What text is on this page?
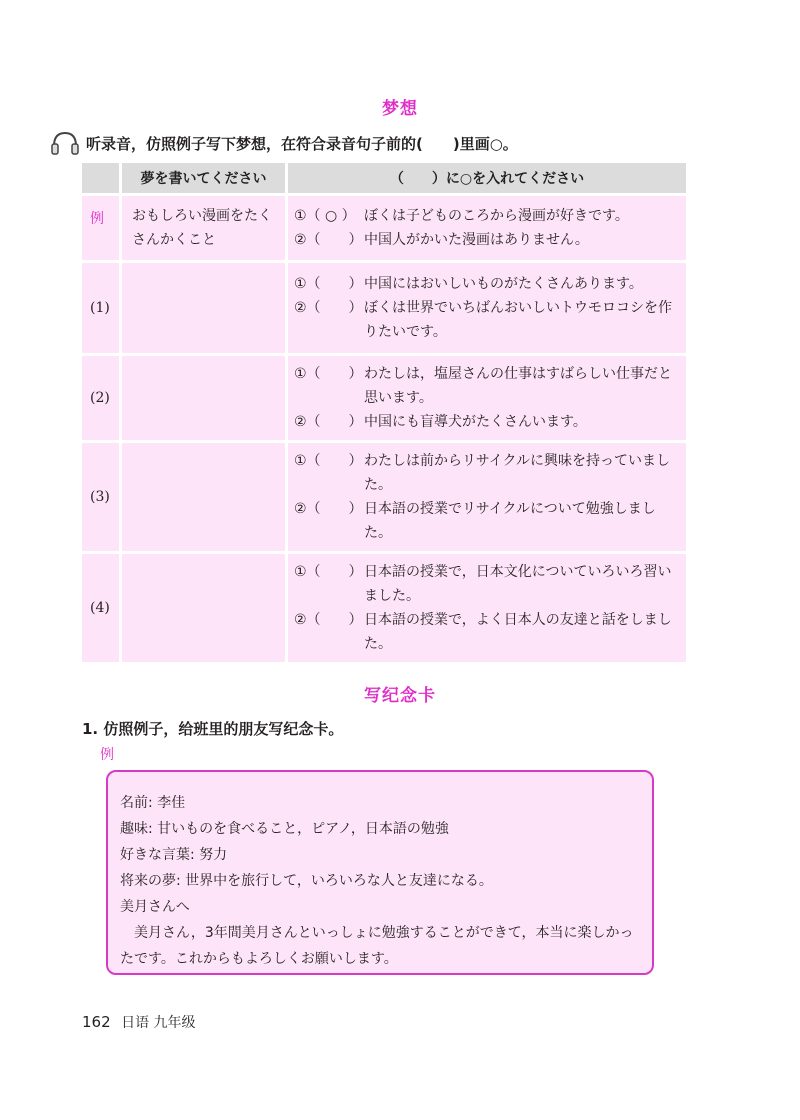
梦想
听录音，仿照例子写下梦想，在符合录音句子前的(　　)里画○。
	夢を書いてください	（　　）に○を入れてください
例	おもしろい漫画をたくさんかくこと	①（ ○ ） ぼくは子どものころから漫画が好きです。
②（　　） 中国人がかいた漫画はありません。

(1)		①（　　） 中国にはおいしいものがたくさんあります。
②（　　） ぼくは世界でいちばんおいしいトウモロコシを作りたいです。

(2)		①（　　） わたしは，塩屋さんの仕事はすばらしい仕事だと思います。
②（　　） 中国にも盲導犬がたくさんいます。

(3)		①（　　） わたしは前からリサイクルに興味を持っていました。
②（　　） 日本語の授業でリサイクルについて勉強しました。

(4)		①（　　） 日本語の授業で，日本文化についていろいろ習いました。
②（　　） 日本語の授業で，よく日本人の友達と話をしました。
写纪念卡
1. 仿照例子，给班里的朋友写纪念卡。
例
名前: 李佳
趣味: 甘いものを食べること，ピアノ，日本語の勉強
好きな言葉: 努力
将来の夢: 世界中を旅行して，いろいろな人と友達になる。
美月さんへ
美月さん，3年間美月さんといっしょに勉強することができて，本当に楽しかったです。これからもよろしくお願いします。
162 日语 九年级
